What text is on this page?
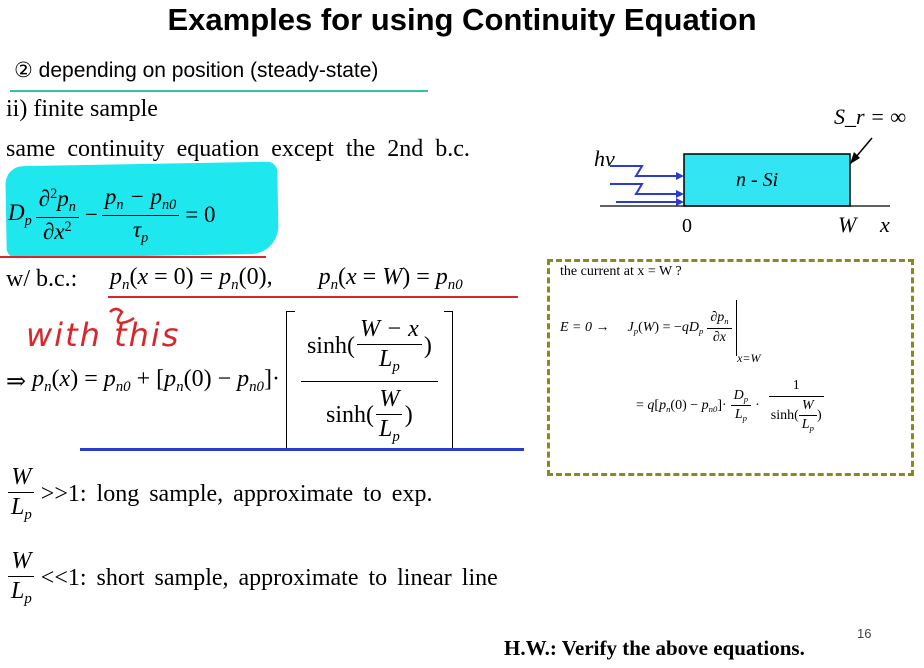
Examples for using Continuity Equation
② depending on position (steady-state)
ii) finite sample
same continuity equation except the 2nd b.c.
$D_p \frac{\partial^2p_n}{\partial x^2} - \frac{p_n - p_{n0}}{\tau_p} = 0$
w/ b.c.: $p_n(x = 0) = p_n(0)$,  $p_n(x = W) = p_{n0}$
with this
⇒ $p_n(x) = p_{n0} + [p_n(0) - p_{n0}]\cdot \frac{\sinh( \frac{W - x}{L_p} )}{\sinh( \frac{W}{L_p} )}$
$\frac{W}{L_p} >>1$: long sample, approximate to exp.
$\frac{W}{L_p} <<1$: short sample, approximate to linear line
S_r = ∞
hν
n - Si
0	W x
the current at x = W ?
$E = 0 \to J_p(W) = -qD_p \frac{\partial p_n}{\partial x}$
x=W
= $q[p_n(0) - p_{n0}]\cdot \frac{D_p}{L_p} \cdot \frac{1}{\sinh( \frac{W}{L_p} )}$
16
H.W.: Verify the above equations.
